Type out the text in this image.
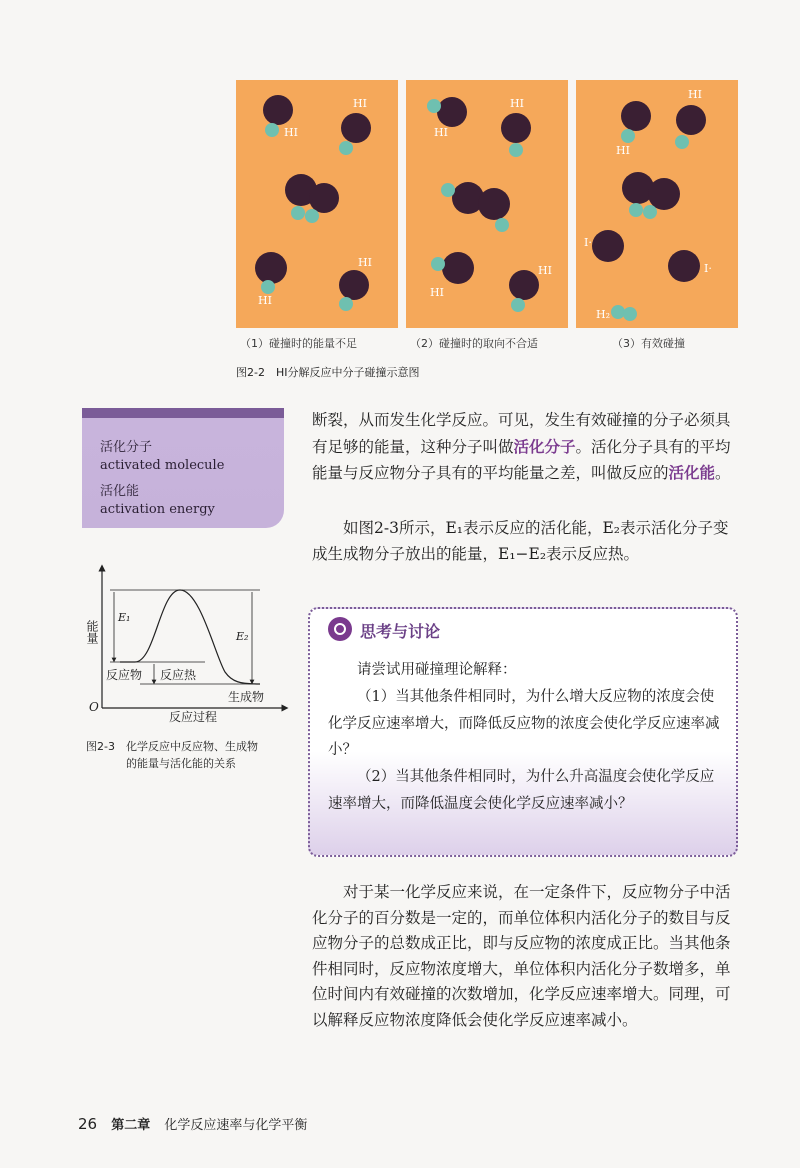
HI
HI
HI
HI
HI
HI
HI
HI
HI
HI
I·
I·
H₂
（1）碰撞时的能量不足	（2）碰撞时的取向不合适	（3）有效碰撞
图2-2　HI分解反应中分子碰撞示意图
活化分子
activated molecule
活化能
activation energy

断裂，从而发生化学反应。可见，发生有效碰撞的分子必须具有足够的能量，这种分子叫做活化分子。活化分子具有的平均能量与反应物分子具有的平均能量之差，叫做反应的活化能。

如图2-3所示，E₁表示反应的活化能，E₂表示活化分子变成生成物分子放出的能量，E₁−E₂表示反应热。

能量
O
反应过程
E₁
E₂
反应物 反应热
生成物
图2-3　化学反应中反应物、生成物
的能量与活化能的关系
思考与讨论
请尝试用碰撞理论解释：
（1）当其他条件相同时，为什么增大反应物的浓度会使化学反应速率增大，而降低反应物的浓度会使化学反应速率减小？
（2）当其他条件相同时，为什么升高温度会使化学反应速率增大，而降低温度会使化学反应速率减小？

对于某一化学反应来说，在一定条件下，反应物分子中活化分子的百分数是一定的，而单位体积内活化分子的数目与反应物分子的总数成正比，即与反应物的浓度成正比。当其他条件相同时，反应物浓度增大，单位体积内活化分子数增多，单位时间内有效碰撞的次数增加，化学反应速率增大。同理，可以解释反应物浓度降低会使化学反应速率减小。

26 第二章 化学反应速率与化学平衡
